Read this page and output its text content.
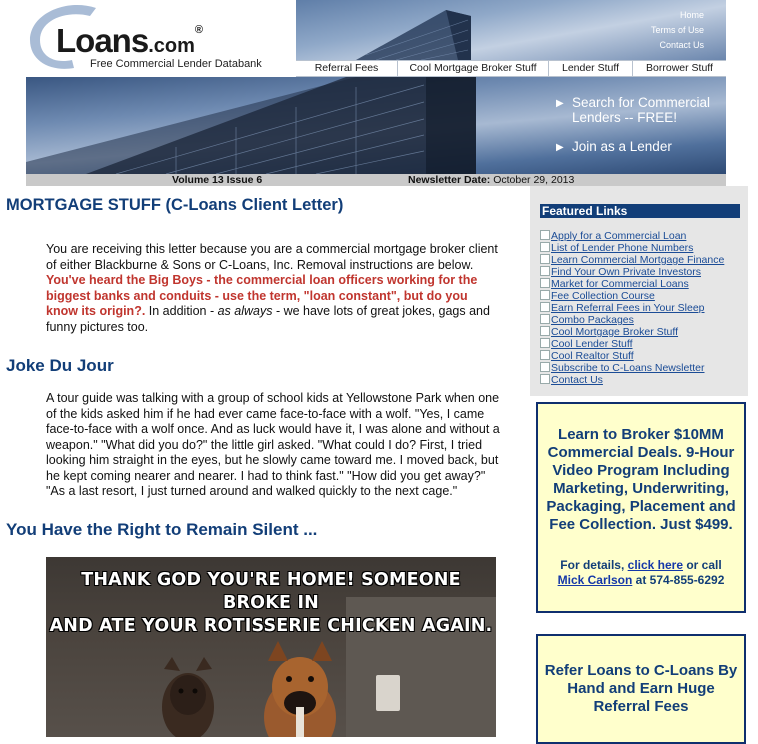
Loans.com®
Free Commercial Lender Databank
Home
Terms of Use
Contact Us
Referral Fees	Cool Mortgage Broker Stuff	Lender Stuff	Borrower Stuff
▶ Search for Commercial Lenders -- FREE!
▶ Join as a Lender
Volume 13 Issue 6	Newsletter Date: October 29, 2013
MORTGAGE STUFF (C-Loans Client Letter)

You are receiving this letter because you are a commercial mortgage broker client of either Blackburne & Sons or C-Loans, Inc. Removal instructions are below. You've heard the Big Boys - the commercial loan officers working for the biggest banks and conduits - use the term, "loan constant", but do you know its origin?. In addition - as always - we have lots of great jokes, gags and funny pictures too.

Joke Du Jour

A tour guide was talking with a group of school kids at Yellowstone Park when one of the kids asked him if he had ever came face-to-face with a wolf. "Yes, I came face-to-face with a wolf once. And as luck would have it, I was alone and without a weapon." "What did you do?" the little girl asked. "What could I do? First, I tried looking him straight in the eyes, but he slowly came toward me. I moved back, but he kept coming nearer and nearer. I had to think fast." "How did you get away?" "As a last resort, I just turned around and walked quickly to the next cage."

You Have the Right to Remain Silent ...
THANK GOD YOU'RE HOME! SOMEONE BROKE IN
AND ATE YOUR ROTISSERIE CHICKEN AGAIN.
Featured Links
Apply for a Commercial Loan
List of Lender Phone Numbers
Learn Commercial Mortgage Finance
Find Your Own Private Investors
Market for Commercial Loans
Fee Collection Course
Earn Referral Fees in Your Sleep
Combo Packages
Cool Mortgage Broker Stuff
Cool Lender Stuff
Cool Realtor Stuff
Subscribe to C-Loans Newsletter
Contact Us
Learn to Broker $10MM Commercial Deals. 9-Hour Video Program Including Marketing, Underwriting, Packaging, Placement and Fee Collection. Just $499.
For details, click here or call
Mick Carlson at 574-855-6292
Refer Loans to C-Loans By Hand and Earn Huge Referral Fees
